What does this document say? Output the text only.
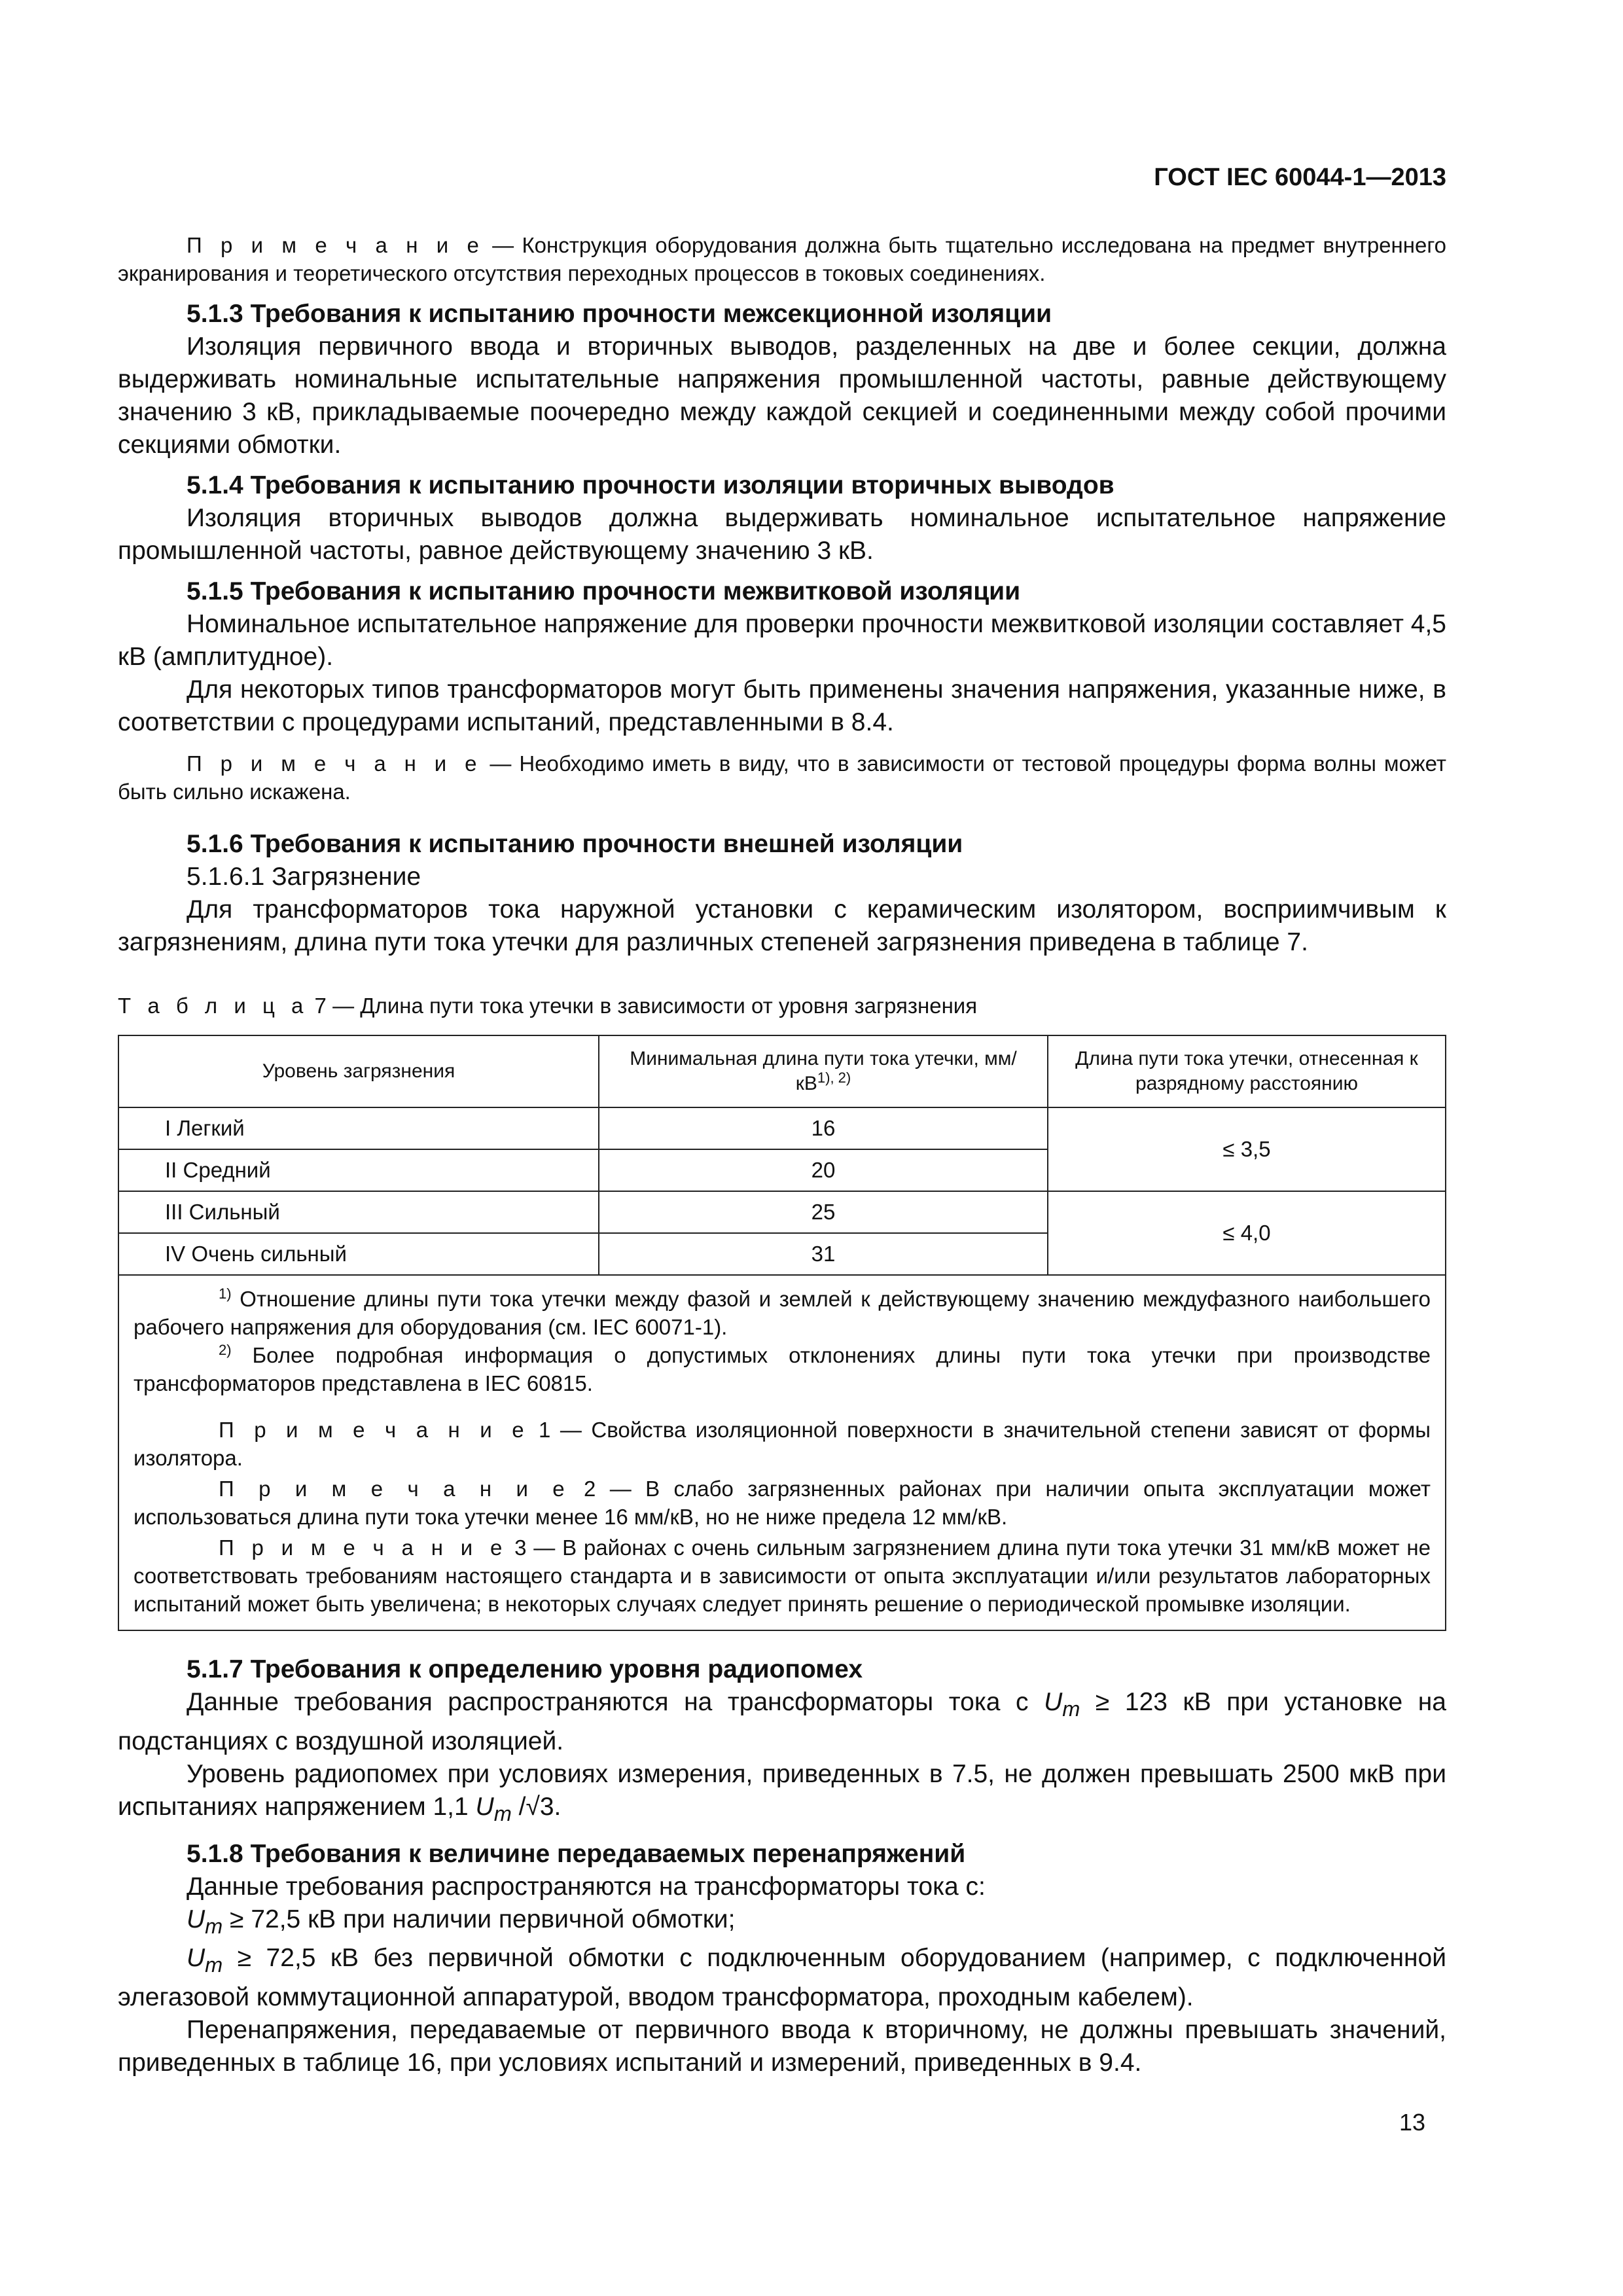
ГОСТ IEC 60044-1—2013

П р и м е ч а н и е — Конструкция оборудования должна быть тщательно исследована на предмет внутреннего экранирования и теоретического отсутствия переходных процессов в токовых соединениях.

5.1.3 Требования к испытанию прочности межсекционной изоляции

Изоляция первичного ввода и вторичных выводов, разделенных на две и более секции, должна выдерживать номинальные испытательные напряжения промышленной частоты, равные действующему значению 3 кВ, прикладываемые поочередно между каждой секцией и соединенными между собой прочими секциями обмотки.

5.1.4 Требования к испытанию прочности изоляции вторичных выводов

Изоляция вторичных выводов должна выдерживать номинальное испытательное напряжение промышленной частоты, равное действующему значению 3 кВ.

5.1.5 Требования к испытанию прочности межвитковой изоляции

Номинальное испытательное напряжение для проверки прочности межвитковой изоляции составляет 4,5 кВ (амплитудное).

Для некоторых типов трансформаторов могут быть применены значения напряжения, указанные ниже, в соответствии с процедурами испытаний, представленными в 8.4.

П р и м е ч а н и е — Необходимо иметь в виду, что в зависимости от тестовой процедуры форма волны может быть сильно искажена.

5.1.6 Требования к испытанию прочности внешней изоляции

5.1.6.1 Загрязнение

Для трансформаторов тока наружной установки с керамическим изолятором, восприимчивым к загрязнениям, длина пути тока утечки для различных степеней загрязнения приведена в таблице 7.

Т а б л и ц а 7 — Длина пути тока утечки в зависимости от уровня загрязнения

Уровень загрязнения	Минимальная длина пути тока утечки, $мм/кВ^{1), 2)}$	Длина пути тока утечки, отнесенная к разрядному расстоянию
I Легкий	16	≤ 3,5
II Средний	20	
III Сильный	25	≤ 4,0
IV Очень сильный	31	

$^{1)}$ Отношение длины пути тока утечки между фазой и землей к действующему значению междуфазного наибольшего рабочего напряжения для оборудования (см. IEC 60071-1).

$^{2)}$ Более подробная информация о допустимых отклонениях длины пути тока утечки при производстве трансформаторов представлена в IEC 60815.

П р и м е ч а н и е 1 — Свойства изоляционной поверхности в значительной степени зависят от формы изолятора.

П р и м е ч а н и е 2 — В слабо загрязненных районах при наличии опыта эксплуатации может использоваться длина пути тока утечки менее 16 мм/кВ, но не ниже предела 12 мм/кВ.

П р и м е ч а н и е 3 — В районах с очень сильным загрязнением длина пути тока утечки 31 мм/кВ может не соответствовать требованиям настоящего стандарта и в зависимости от опыта эксплуатации и/или результатов лабораторных испытаний может быть увеличена; в некоторых случаях следует принять решение о периодической промывке изоляции.		

5.1.7 Требования к определению уровня радиопомех

Данные требования распространяются на трансформаторы тока с $U_m \ge 123$ кВ при установке на подстанциях с воздушной изоляцией.

Уровень радиопомех при условиях измерения, приведенных в 7.5, не должен превышать 2500 мкВ при испытаниях напряжением 1,1 $U_m$ /√3.

5.1.8 Требования к величине передаваемых перенапряжений

Данные требования распространяются на трансформаторы тока с:

$U_m \ge 72,5$ кВ при наличии первичной обмотки;

$U_m \ge 72,5$ кВ без первичной обмотки с подключенным оборудованием (например, с подключенной элегазовой коммутационной аппаратурой, вводом трансформатора, проходным кабелем).

Перенапряжения, передаваемые от первичного ввода к вторичному, не должны превышать значений, приведенных в таблице 16, при условиях испытаний и измерений, приведенных в 9.4.

13
